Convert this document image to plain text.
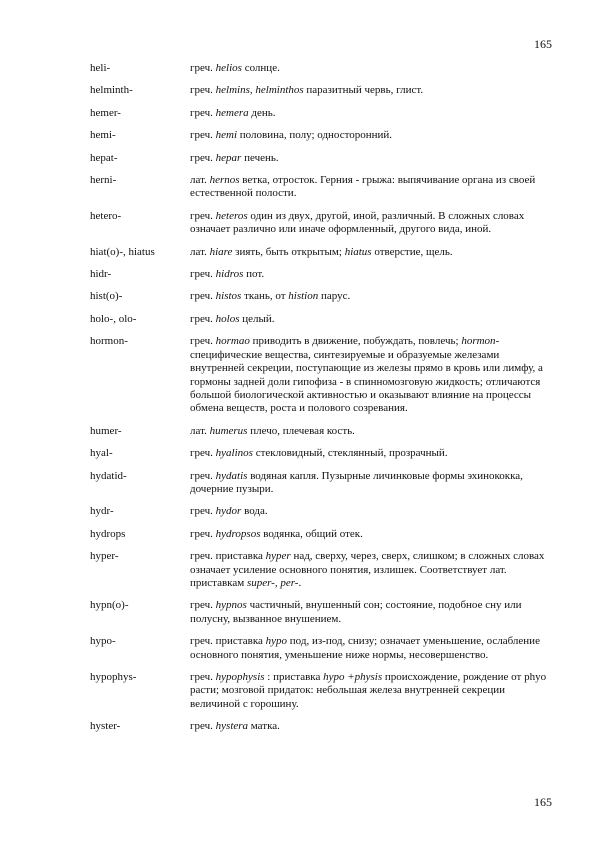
165
heli-	греч. helios солнце.
helminth-	греч. helmins, helminthos паразитный червь, глист.
hemer-	греч. hemera день.
hemi-	греч. hemi половина, полу; односторонний.
hepat-	греч. hepar печень.
herni-	лат. hernos ветка, отросток. Герния - грыжа: выпячивание органа из своей естественной полости.
hetero-	греч. heteros один из двух, другой, иной, различный. В сложных словах означает различно или иначе оформленный, другого вида, иной.
hiat(o)-, hiatus	лат. hiare зиять, быть открытым; hiatus отверстие, щель.
hidr-	греч. hidros пот.
hist(o)-	греч. histos ткань, от histion парус.
holo-, olo-	греч. holos целый.
hormon-	греч. hormao приводить в движение, побуждать, повлечь; hormоп- специфические вещества, синтезируемые и образуемые железами внутренней секреции, поступающие из железы прямо в кровь или лимфу, а гормоны задней доли гипофиза - в спинномозговую жидкость; отличаются большой биологической активностью и оказывают влияние на процессы обмена веществ, роста и полового созревания.
humer-	лат. humerus плечо, плечевая кость.
hyal-	греч. hyalinos стекловидный, стеклянный, прозрачный.
hydatid-	греч. hydatis водяная капля. Пузырные личинковые формы эхинококка, дочерние пузыри.
hydr-	греч. hydor вода.
hydrops	греч. hydropsos водянка, общий отек.
hyper-	греч. приставка hyper над, сверху, через, сверх, слишком; в сложных словах означает усиление основного понятия, излишек. Соответствует лат. приставкам super-, per-.
hypn(o)-	греч. hypnos частичный, внушенный сон; состояние, подобное сну или полусну, вызванное внушением.
hypo-	греч. приставка hypo под, из-под, снизу; означает уменьшение, ослабление основного понятия, уменьшение ниже нормы, несовершенство.
hypophys-	греч. hypophysis : приставка hypo +physis происхождение, рождение от phyo расти; мозговой придаток: небольшая железа внутренней секреции величиной с горошину.
hyster-	греч. hystera матка.
165
